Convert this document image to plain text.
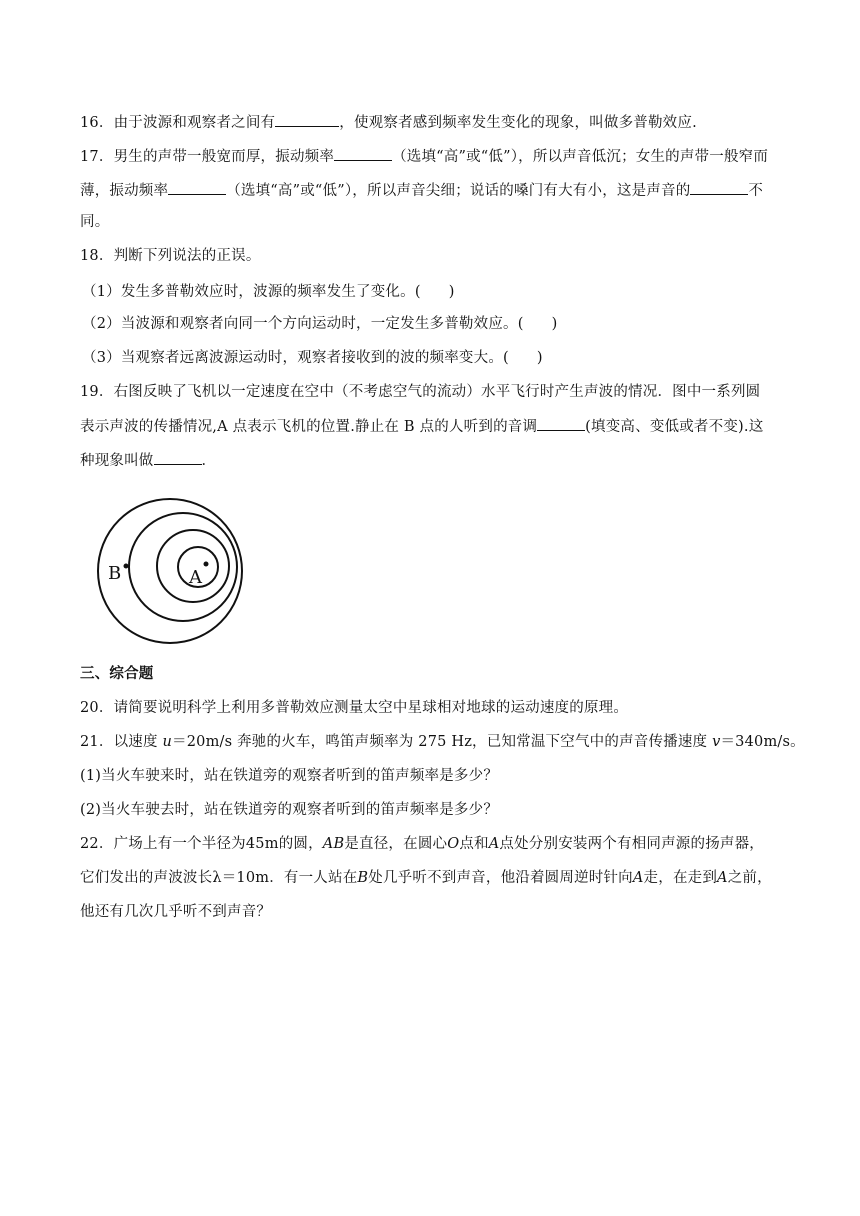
16．由于波源和观察者之间有	，使观察者感到频率发生变化的现象，叫做多普勒效应.
17．男生的声带一般宽而厚，振动频率	（选填“高”或“低”），所以声音低沉；女生的声带一般窄而
薄，振动频率	（选填“高”或“低”），所以声音尖细；说话的嗓门有大有小，这是声音的	不
同。
18．判断下列说法的正误。
（1）发生多普勒效应时，波源的频率发生了变化。( )
（2）当波源和观察者向同一个方向运动时，一定发生多普勒效应。( )
（3）当观察者远离波源运动时，观察者接收到的波的频率变大。( )
19．右图反映了飞机以一定速度在空中（不考虑空气的流动）水平飞行时产生声波的情况．图中一系列圆
表示声波的传播情况,A 点表示飞机的位置.静止在 B 点的人听到的音调	(填变高、变低或者不变).这
种现象叫做	．
A
B
三、综合题
20．请简要说明科学上利用多普勒效应测量太空中星球相对地球的运动速度的原理。
21．以速度 u＝20m/s 奔驰的火车，鸣笛声频率为 275 Hz，已知常温下空气中的声音传播速度 v＝340m/s。
(1)当火车驶来时，站在铁道旁的观察者听到的笛声频率是多少？
(2)当火车驶去时，站在铁道旁的观察者听到的笛声频率是多少？
22．广场上有一个半径为45m的圆，AB是直径，在圆心O点和A点处分别安装两个有相同声源的扬声器，
它们发出的声波波长λ＝10m．有一人站在B处几乎听不到声音，他沿着圆周逆时针向A走，在走到A之前，
他还有几次几乎听不到声音？
